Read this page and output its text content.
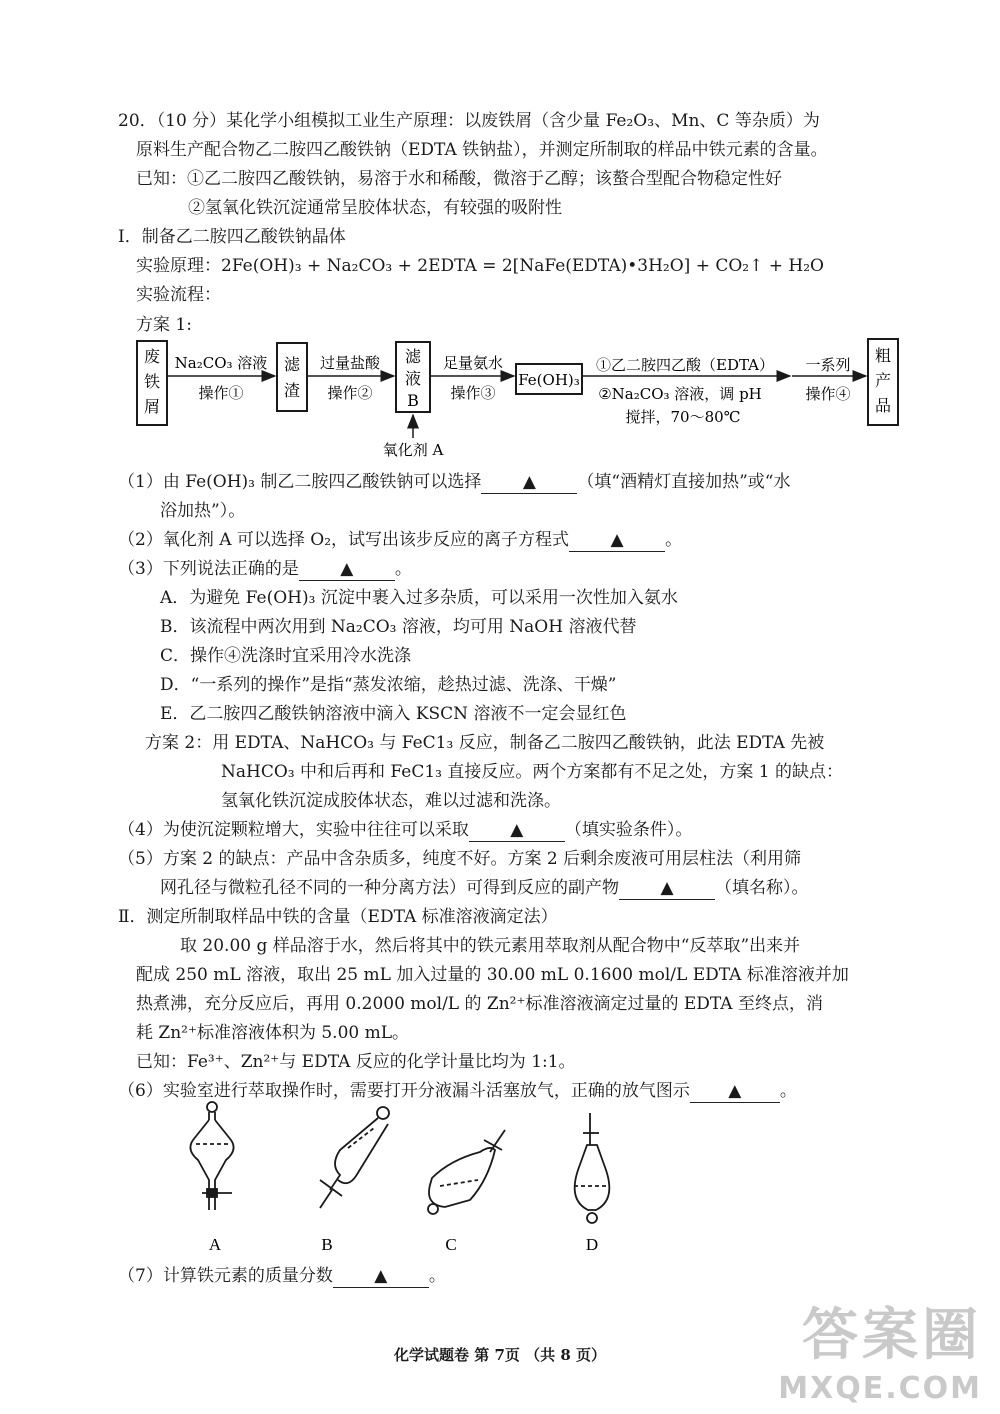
20．（10 分）某化学小组模拟工业生产原理：以废铁屑（含少量 Fe₂O₃、Mn、C 等杂质）为
原料生产配合物乙二胺四乙酸铁钠（EDTA 铁钠盐），并测定所制取的样品中铁元素的含量。
已知：①乙二胺四乙酸铁钠，易溶于水和稀酸，微溶于乙醇；该螯合型配合物稳定性好
②氢氧化铁沉淀通常呈胶体状态，有较强的吸附性
Ⅰ．制备乙二胺四乙酸铁钠晶体
实验原理：2Fe(OH)₃ + Na₂CO₃ + 2EDTA = 2[NaFe(EDTA)•3H₂O] + CO₂↑ + H₂O
实验流程：
方案 1:
废
铁
屑
Na₂CO₃ 溶液
操作①
滤
渣
过量盐酸
操作②
滤
液
B
氧化剂 A
足量氨水
操作③
Fe(OH)₃
①乙二胺四乙酸（EDTA）
②Na₂CO₃ 溶液，调 pH
搅拌，70～80℃
一系列
操作④
粗
产
品
（1）由 Fe(OH)₃ 制乙二胺四乙酸铁钠可以选择 ▲ （填“酒精灯直接加热”或“水
浴加热”）。
（2）氧化剂 A 可以选择 O₂，试写出该步反应的离子方程式 ▲ 。
（3）下列说法正确的是 ▲ 。
A．为避免 Fe(OH)₃ 沉淀中裹入过多杂质，可以采用一次性加入氨水
B．该流程中两次用到 Na₂CO₃ 溶液，均可用 NaOH 溶液代替
C．操作④洗涤时宜采用冷水洗涤
D．“一系列的操作”是指“蒸发浓缩，趁热过滤、洗涤、干燥”
E．乙二胺四乙酸铁钠溶液中滴入 KSCN 溶液不一定会显红色
方案 2：用 EDTA、NaHCO₃ 与 FeC1₃ 反应，制备乙二胺四乙酸铁钠，此法 EDTA 先被
NaHCO₃ 中和后再和 FeC1₃ 直接反应。两个方案都有不足之处，方案 1 的缺点：
氢氧化铁沉淀成胶体状态，难以过滤和洗涤。
（4）为使沉淀颗粒增大，实验中往往可以采取 ▲ （填实验条件）。
（5）方案 2 的缺点：产品中含杂质多，纯度不好。方案 2 后剩余废液可用层柱法（利用筛
网孔径与微粒孔径不同的一种分离方法）可得到反应的副产物 ▲ （填名称）。
Ⅱ．测定所制取样品中铁的含量（EDTA 标准溶液滴定法）
取 20.00 g 样品溶于水，然后将其中的铁元素用萃取剂从配合物中“反萃取”出来并
配成 250 mL 溶液，取出 25 mL 加入过量的 30.00 mL 0.1600 mol/L EDTA 标准溶液并加
热煮沸，充分反应后，再用 0.2000 mol/L 的 Zn²⁺标准溶液滴定过量的 EDTA 至终点，消
耗 Zn²⁺标准溶液体积为 5.00 mL。
已知：Fe³⁺、Zn²⁺与 EDTA 反应的化学计量比均为 1:1。
（6）实验室进行萃取操作时，需要打开分液漏斗活塞放气，正确的放气图示 ▲ 。
A	B	C	D
（7）计算铁元素的质量分数 ▲ 。
化学试题卷 第 7页 （共 8 页）	答案圈
MXQE.COM
